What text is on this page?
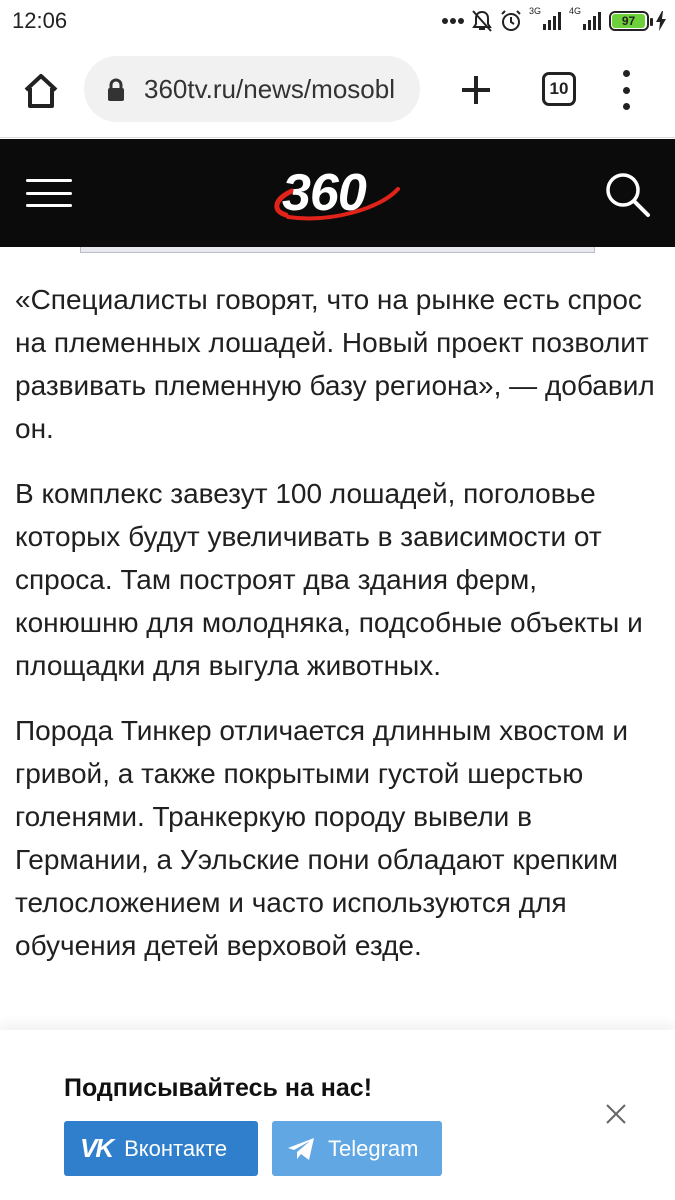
12:06	3G	4G
97
360tv.ru/news/mosobl	10
360

«Специалисты говорят, что на рынке есть спрос на племенных лошадей. Новый проект позволит развивать племенную базу региона», — добавил он.

В комплекс завезут 100 лошадей, поголовье которых будут увеличивать в зависимости от спроса. Там построят два здания ферм, конюшню для молодняка, подсобные объекты и площадки для выгула животных.

Порода Тинкер отличается длинным хвостом и гривой, а также покрытыми густой шерстью голенями. Транкеркую породу вывели в Германии, а Уэльские пони обладают крепким телосложением и часто используются для обучения детей верховой езде.

Подписывайтесь на нас!
VK Вконтакте	Telegram
